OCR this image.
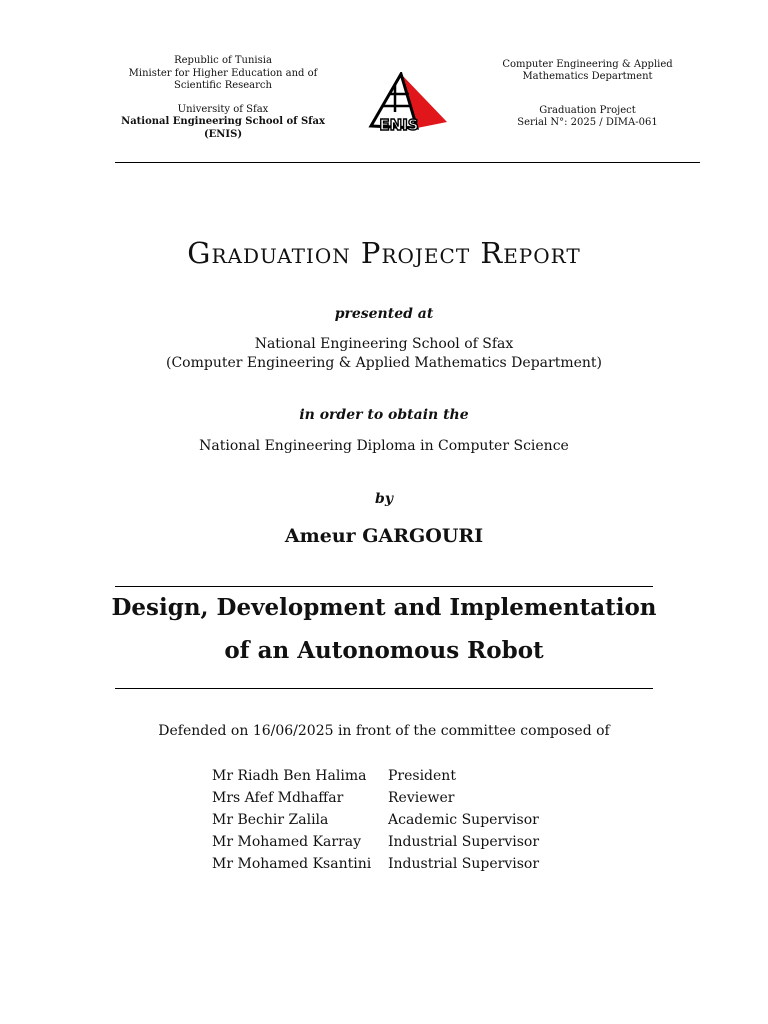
Republic of Tunisia
Minister for Higher Education and of
Scientific Research
University of Sfax
National Engineering School of Sfax
(ENIS)	ENIS
Computer Engineering & Applied
Mathematics Department
Graduation Project
Serial N°: 2025 / DIMA-061
Graduation Project Report
presented at
National Engineering School of Sfax
(Computer Engineering & Applied Mathematics Department)
in order to obtain the
National Engineering Diploma in Computer Science
by
Ameur GARGOURI
Design, Development and Implementation
of an Autonomous Robot
Defended on 16/06/2025 in front of the committee composed of
Mr Riadh Ben Halima	President
Mrs Afef Mdhaffar	Reviewer
Mr Bechir Zalila	Academic Supervisor
Mr Mohamed Karray	Industrial Supervisor
Mr Mohamed Ksantini	Industrial Supervisor
